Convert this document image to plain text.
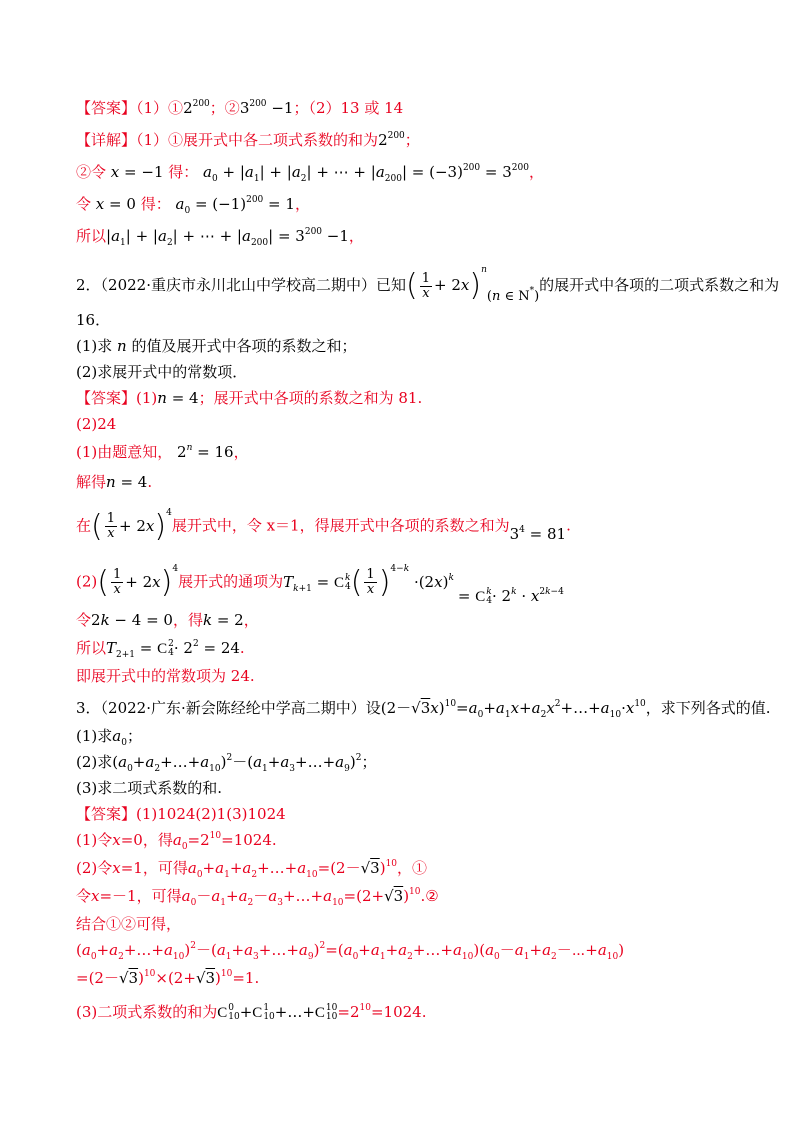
【答案】$(1)①2^{200}$；$②3^{200} -1$；（2）13 或 14
【详解】（1）①展开式中各二项式系数的和为$2^{200}$；
②令 x = −1 得： $a_0 + |a_1| + |a_2|$ + ⋯ + $|a_{200}| = (-3)^{200} = 3^{200}$，
令 x = 0 得： $a_0 = (-1)^{200} = 1$，
所以$|a_1| + |a_2|$ + ⋯ + $|a_{200}| = 3^{200} -1$，
2．（2022·重庆市永川北山中学校高二期中）已知( $\frac{1}{x} + 2x)^n(n$ ∈ N*)的展开式中各项的二项式系数之和为
16．
(1)求 n 的值及展开式中各项的系数之和；
(2)求展开式中的常数项．
【答案】(1)n = 4；展开式中各项的系数之和为 81.
(2)24
(1)由题意知， $2^n = 16$，
解得n = 4.
在( $\frac{1}{x} + 2x)^4$展开式中，令 x＝1，得展开式中各项的系数之和为$3^4 = 81$.
$(2)( \frac{1}{x} + 2x)^4$展开式的通项为$T_{k+1} = C$ k
4 ( $\frac{1}{x} )^{4-k} \cdot(2x)^k= C$ k
$4 \cdot 2^k \cdot x^{2k-4}$
令2k − 4 = 0，得k = 2，
所以$T_{2+1} = C$ 2
$4 \cdot 2^2 = 24$.
即展开式中的常数项为 24.
3．（2022·广东·新会陈经纶中学高二期中）设$(2-√3x)^{10}=a_0+a_1x+a_2x^2+\dots+a_{10}\cdot x^{10}$，求下列各式的值.
(1)求$a_0$；
(2)求$(a_0+a_2+\dots+a_{10})^2-(a_1+a_3+\dots+a_9)^2$；
(3)求二项式系数的和.
【答案】(1)1024(2)1(3)1024
(1)令x=0，得$a_0=2^{10}=1024$.
(2)令x=1，可得$a_0+a_1+a_2+\dots+a_{10}=(2-√3)^{10}$，①
令x=－1，可得$a_0-a_1+a_2-a_3+\dots+a_{10}=(2+√3)^{10}.②$
结合①②可得，
$(a_0+a_2+\dots+a_{10})^2-(a_1+a_3+\dots+a_9)^2=(a_0+a_1+a_2+\dots+a_{10})(a_0-a_1+a_2-\cdots+a_{10})$
$=(2-√3)^{10}\times(2+√3)^{10}=1$.
(3)二项式系数的和为C 0
10 +C 1
10 +…+C 10
$10 =2^{10}=1024$.
